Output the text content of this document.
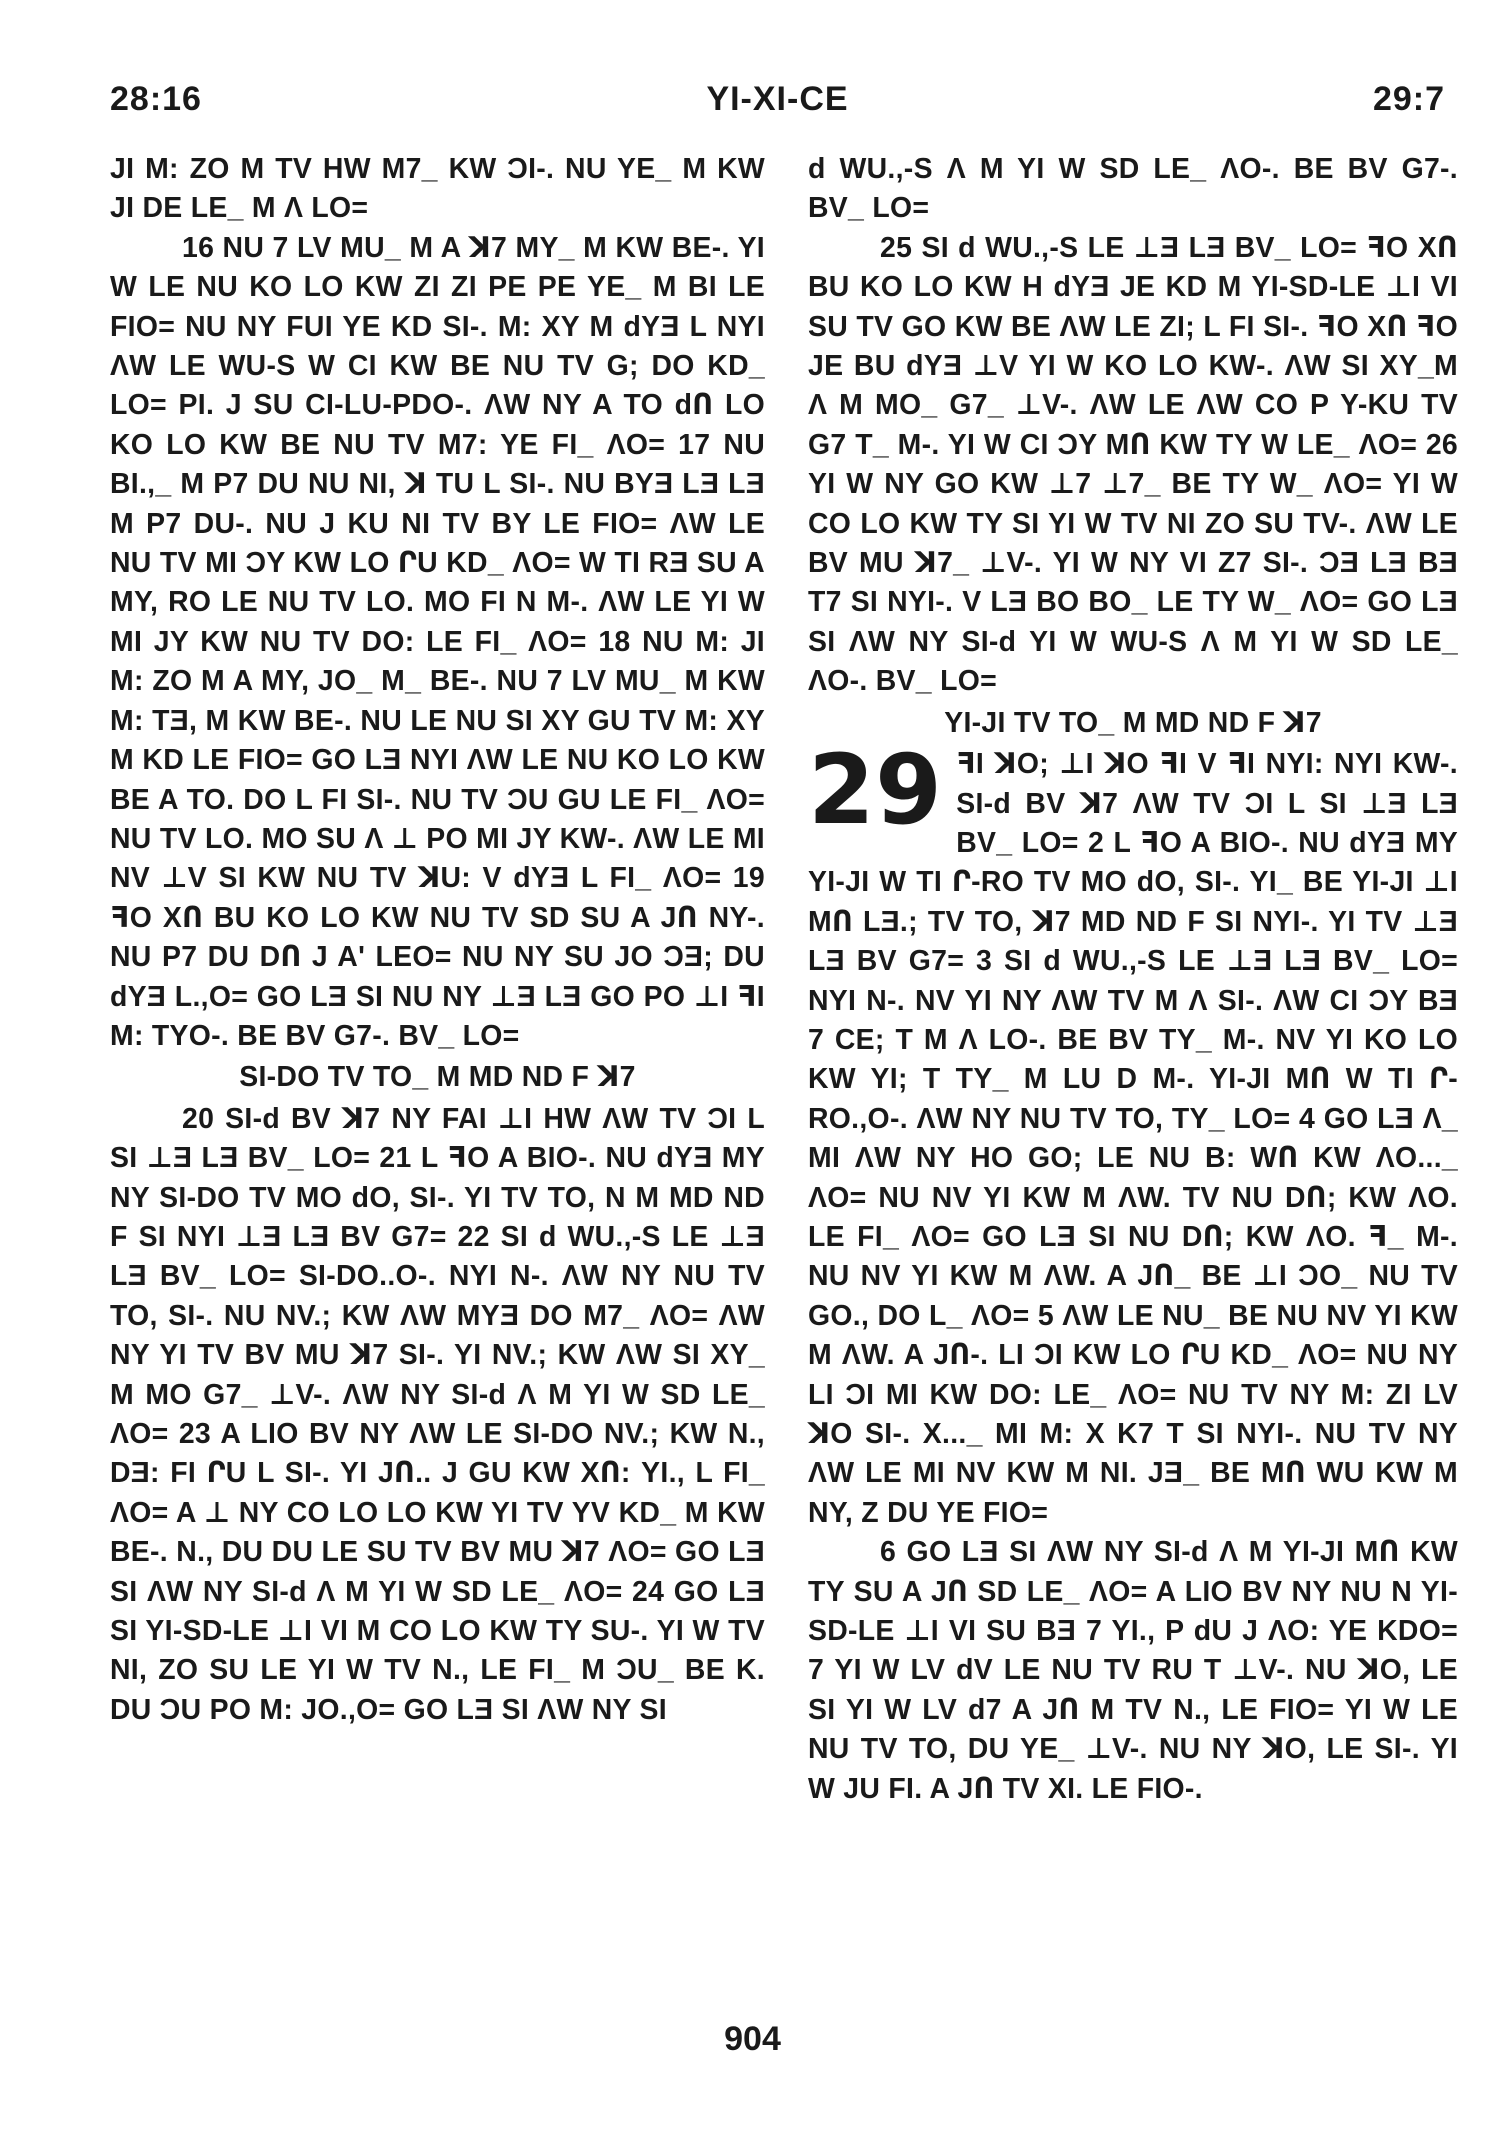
YI-XI-CE
28:16	29:7

JI M: ZO M TV HW M7_ KW ƆI-. NU YE_ M KW JI DE LE_ M Λ LO=

16 NU 7 LV MU_ M A ꓘ7 MY_ M KW BE-. YI W LE NU KO LO KW ZI ZI PE PE YE_ M BI LE FIO= NU NY FUI YE KD SI-. M: XY M dYƎ L NYI ΛW LE WU-S W CI KW BE NU TV G; DO KD_ LO= PI. J SU CI-LU-PDO-. ΛW NY A TO dՈ LO KO LO KW BE NU TV M7: YE FI_ ΛO= 17 NU BI.,_ M P7 DU NU NI, ꓘ TU L SI-. NU BYƎ LƎ LƎ M P7 DU-. NU J KU NI TV BY LE FIO= ΛW LE NU TV MI ƆY KW LO ՐU KD_ ΛO= W TI RƎ SU A MY, RO LE NU TV LO. MO FI N M-. ΛW LE YI W MI JY KW NU TV DO: LE FI_ ΛO= 18 NU M: JI M: ZO M A MY, JO_ M_ BE-. NU 7 LV MU_ M KW M: TƎ, M KW BE-. NU LE NU SI XY GU TV M: XY M KD LE FIO= GO LƎ NYI ΛW LE NU KO LO KW BE A TO. DO L FI SI-. NU TV ƆU GU LE FI_ ΛO= NU TV LO. MO SU Λ ⊥ PO MI JY KW-. ΛW LE MI NV ⊥V SI KW NU TV ꓘU: V dYƎ L FI_ ΛO= 19 ꟻO XՈ BU KO LO KW NU TV SD SU A JՈ NY-. NU P7 DU DՈ J A' LEO= NU NY SU JO ƆƎ; DU dYƎ L.,O= GO LƎ SI NU NY ⊥Ǝ LƎ GO PO ⊥I ꟻI M: TYO-. BE BV G7-. BV_ LO=

SI-DO TV TO_ M MD ND F ꓘ7

20 SI-d BV ꓘ7 NY FAI ⊥I HW ΛW TV ƆI L SI ⊥Ǝ LƎ BV_ LO= 21 L ꟻO A BIO-. NU dYƎ MY NY SI-DO TV MO dO, SI-. YI TV TO, N M MD ND F SI NYI ⊥Ǝ LƎ BV G7= 22 SI d WU.,-S LE ⊥Ǝ LƎ BV_ LO= SI-DO..O-. NYI N-. ΛW NY NU TV TO, SI-. NU NV.; KW ΛW MYƎ DO M7_ ΛO= ΛW NY YI TV BV MU ꓘ7 SI-. YI NV.; KW ΛW SI XY_ M MO G7_ ⊥V-. ΛW NY SI-d Λ M YI W SD LE_ ΛO= 23 A LIO BV NY ΛW LE SI-DO NV.; KW N., DƎ: FI ՐU L SI-. YI JՈ.. J GU KW XՈ: YI., L FI_ ΛO= A ⊥ NY CO LO LO KW YI TV YV KD_ M KW BE-. N., DU DU LE SU TV BV MU ꓘ7 ΛO= GO LƎ SI ΛW NY SI-d Λ M YI W SD LE_ ΛO= 24 GO LƎ SI YI-SD-LE ⊥I VI M CO LO KW TY SU-. YI W TV NI, ZO SU LE YI W TV N., LE FI_ M ƆU_ BE K. DU ƆU PO M: JO.,O= GO LƎ SI ΛW NY SI

d WU.,-S Λ M YI W SD LE_ ΛO-. BE BV G7-. BV_ LO=

25 SI d WU.,-S LE ⊥Ǝ LƎ BV_ LO= ꟻO XՈ BU KO LO KW H dYƎ JE KD M YI-SD-LE ⊥I VI SU TV GO KW BE ΛW LE ZI; L FI SI-. ꟻO XՈ ꟻO JE BU dYƎ ⊥V YI W KO LO KW-. ΛW SI XY_M Λ M MO_ G7_ ⊥V-. ΛW LE ΛW CO P Y-KU TV G7 T_ M-. YI W CI ƆY MՈ KW TY W LE_ ΛO= 26 YI W NY GO KW ⊥7 ⊥7_ BE TY W_ ΛO= YI W CO LO KW TY SI YI W TV NI ZO SU TV-. ΛW LE BV MU ꓘ7_ ⊥V-. YI W NY VI Z7 SI-. ƆƎ LƎ BƎ T7 SI NYI-. V LƎ BO BO_ LE TY W_ ΛO= GO LƎ SI ΛW NY SI-d YI W WU-S Λ M YI W SD LE_ ΛO-. BV_ LO=

YI-JI TV TO_ M MD ND F ꓘ7
29 ꟻI ꓘO; ⊥I ꓘO ꟻI V ꟻI NYI: NYI KW-. SI-d BV ꓘ7 ΛW TV ƆI L SI ⊥Ǝ LƎ BV_ LO= 2 L ꟻO A BIO-. NU dYƎ MY YI-JI W TI Ր-RO TV MO dO, SI-. YI_ BE YI-JI ⊥I MՈ LƎ.; TV TO, ꓘ7 MD ND F SI NYI-. YI TV ⊥Ǝ LƎ BV G7= 3 SI d WU.,-S LE ⊥Ǝ LƎ BV_ LO= NYI N-. NV YI NY ΛW TV M Λ SI-. ΛW CI ƆY BƎ 7 CE; T M Λ LO-. BE BV TY_ M-. NV YI KO LO KW YI; T TY_ M LU D M-. YI-JI MՈ W TI Ր-RO.,O-. ΛW NY NU TV TO, TY_ LO= 4 GO LƎ Λ_ MI ΛW NY HO GO; LE NU B: WՈ KW ΛO..._ ΛO= NU NV YI KW M ΛW. TV NU DՈ; KW ΛO. LE FI_ ΛO= GO LƎ SI NU DՈ; KW ΛO. ꟻ_ M-. NU NV YI KW M ΛW. A JՈ_ BE ⊥I ƆO_ NU TV GO., DO L_ ΛO= 5 ΛW LE NU_ BE NU NV YI KW M ΛW. A JՈ-. LI ƆI KW LO ՐU KD_ ΛO= NU NY LI ƆI MI KW DO: LE_ ΛO= NU TV NY M: ZI LV ꓘO SI-. X..._ MI M: X K7 T SI NYI-. NU TV NY ΛW LE MI NV KW M NI. JƎ_ BE MՈ WU KW M NY, Z DU YE FIO=

6 GO LƎ SI ΛW NY SI-d Λ M YI-JI MՈ KW TY SU A JՈ SD LE_ ΛO= A LIO BV NY NU N YI-SD-LE ⊥I VI SU BƎ 7 YI., P dU J ΛO: YE KDO= 7 YI W LV dV LE NU TV RU T ⊥V-. NU ꓘO, LE SI YI W LV d7 A JՈ M TV N., LE FIO= YI W LE NU TV TO, DU YE_ ⊥V-. NU NY ꓘO, LE SI-. YI W JU FI. A JՈ TV XI. LE FIO-.

904
